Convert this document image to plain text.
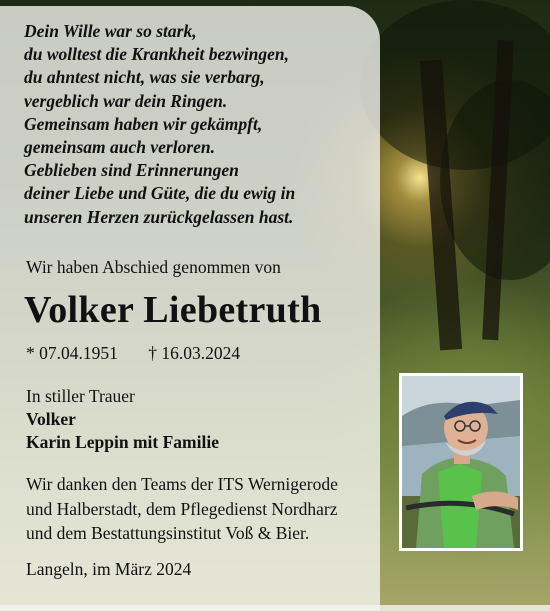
Dein Wille war so stark,
du wolltest die Krankheit bezwingen,
du ahntest nicht, was sie verbarg,
vergeblich war dein Ringen.
Gemeinsam haben wir gekämpft,
gemeinsam auch verloren.
Geblieben sind Erinnerungen
deiner Liebe und Güte, die du ewig in
unseren Herzen zurückgelassen hast.
Wir haben Abschied genommen von
Volker Liebetruth
* 07.04.1951 † 16.03.2024
In stiller Trauer
Volker
Karin Leppin mit Familie
Wir danken den Teams der ITS Wernigerode
und Halberstadt, dem Pflegedienst Nordharz
und dem Bestattungsinstitut Voß & Bier.
Langeln, im März 2024
